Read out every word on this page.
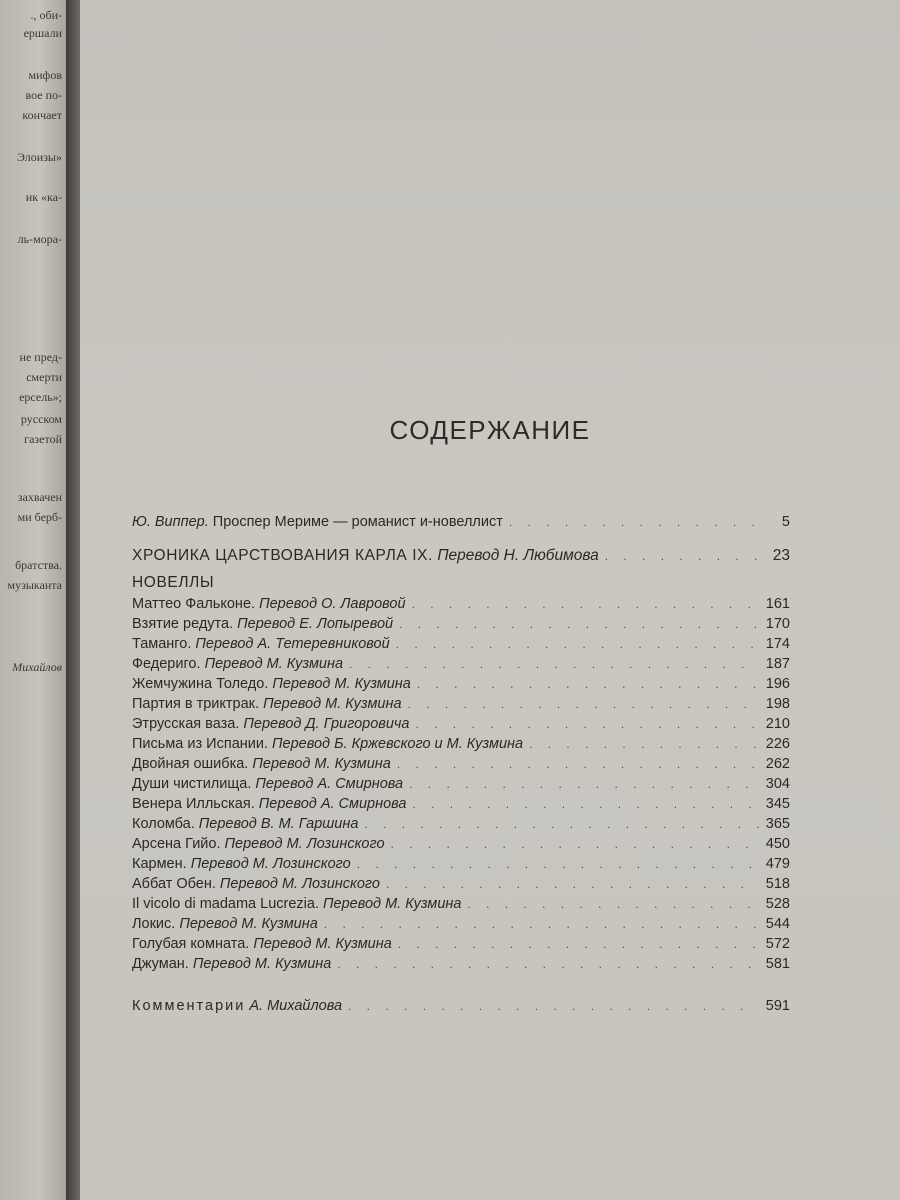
., оби-
ершали
мифов
вое по-
кончает
Элоизы»
ик «ка-
ль-мора-
не пред-
смерти
ерсель»;
русском
газетой
захвачен
ми берб-
братства.
музыканта
Михайлов
СОДЕРЖАНИЕ
Ю. Виппер. Проспер Мериме — романист и-новеллист . . .	5
ХРОНИКА ЦАРСТВОВАНИЯ КАРЛА IX. Перевод Н. Любимова . . .	23
НОВЕЛЛЫ
Маттео Фальконе. Перевод О. Лавровой . . .	161
Взятие редута. Перевод Е. Лопыревой . . .	170
Таманго. Перевод А. Тетеревниковой . . .	174
Федериго. Перевод М. Кузмина . . .	187
Жемчужина Толедо. Перевод М. Кузмина . . .	196
Партия в триктрак. Перевод М. Кузмина . . .	198
Этрусская ваза. Перевод Д. Григоровича . . .	210
Письма из Испании. Перевод Б. Кржевского и М. Кузмина . . .	226
Двойная ошибка. Перевод М. Кузмина . . .	262
Души чистилища. Перевод А. Смирнова . . .	304
Венера Илльская. Перевод А. Смирнова . . .	345
Коломба. Перевод В. М. Гаршина . . .	365
Арсена Гийо. Перевод М. Лозинского . . .	450
Кармен. Перевод М. Лозинского . . .	479
Аббат Обен. Перевод М. Лозинского . . .	518
Il vicolo di madama Lucrezia. Перевод М. Кузмина . . .	528
Локис. Перевод М. Кузмина . . .	544
Голубая комната. Перевод М. Кузмина . . .	572
Джуман. Перевод М. Кузмина . . .	581
Комментарии А. Михайлова . . .	591
